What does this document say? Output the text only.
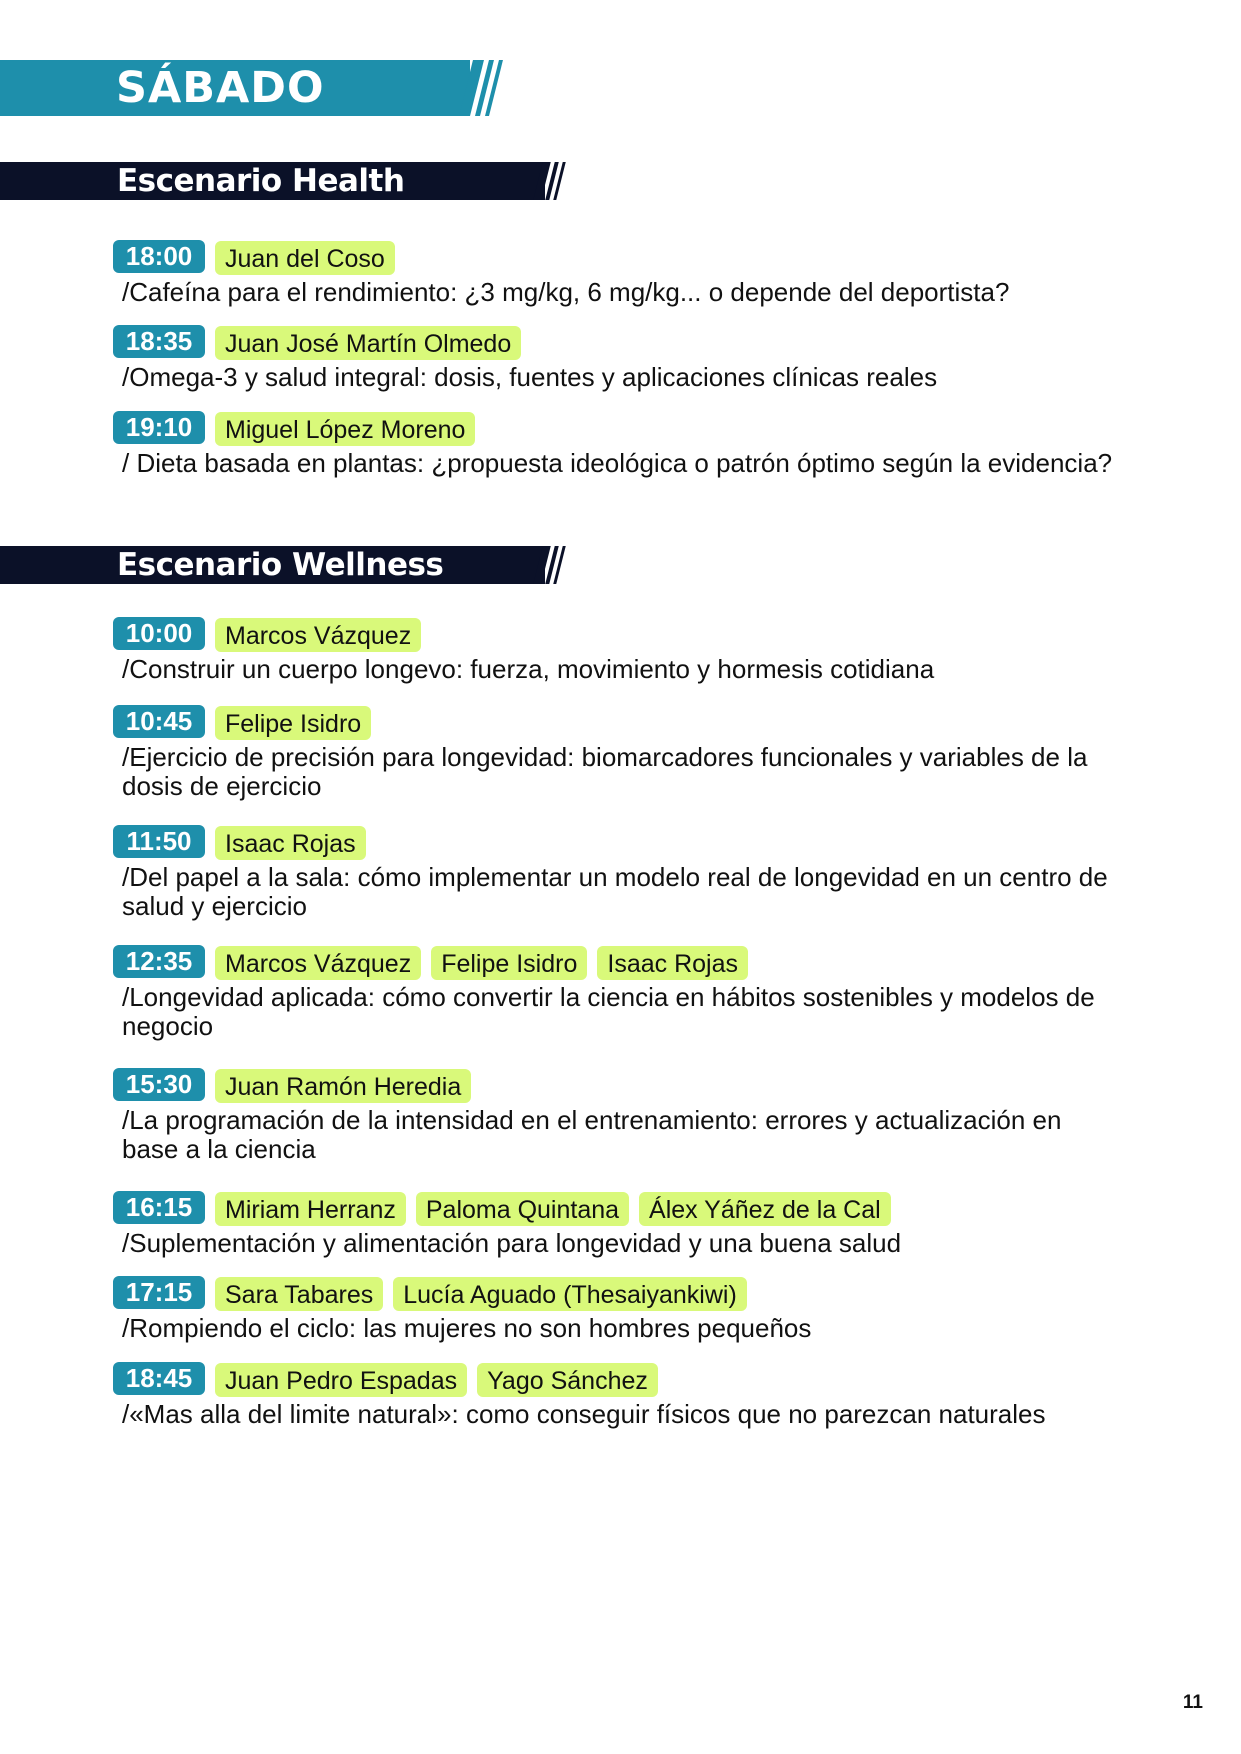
SÁBADO
Escenario Health
18:00	Juan del Coso
/Cafeína para el rendimiento: ¿3 mg/kg, 6 mg/kg... o depende del deportista?
18:35	Juan José Martín Olmedo
/Omega-3 y salud integral: dosis, fuentes y aplicaciones clínicas reales
19:10	Miguel López Moreno
/ Dieta basada en plantas: ¿propuesta ideológica o patrón óptimo según la evidencia?
Escenario Wellness
10:00	Marcos Vázquez
/Construir un cuerpo longevo: fuerza, movimiento y hormesis cotidiana
10:45	Felipe Isidro
/Ejercicio de precisión para longevidad: biomarcadores funcionales y variables de la dosis de ejercicio
11:50	Isaac Rojas
/Del papel a la sala: cómo implementar un modelo real de longevidad en un centro de salud y ejercicio
12:35	Marcos Vázquez	Felipe Isidro	Isaac Rojas
/Longevidad aplicada: cómo convertir la ciencia en hábitos sostenibles y modelos de negocio
15:30	Juan Ramón Heredia
/La programación de la intensidad en el entrenamiento: errores y actualización en base a la ciencia
16:15	Miriam Herranz	Paloma Quintana	Álex Yáñez de la Cal
/Suplementación y alimentación para longevidad y una buena salud
17:15	Sara Tabares	Lucía Aguado (Thesaiyankiwi)
/Rompiendo el ciclo: las mujeres no son hombres pequeños
18:45	Juan Pedro Espadas	Yago Sánchez
/«Mas alla del limite natural»: como conseguir físicos que no parezcan naturales
11
